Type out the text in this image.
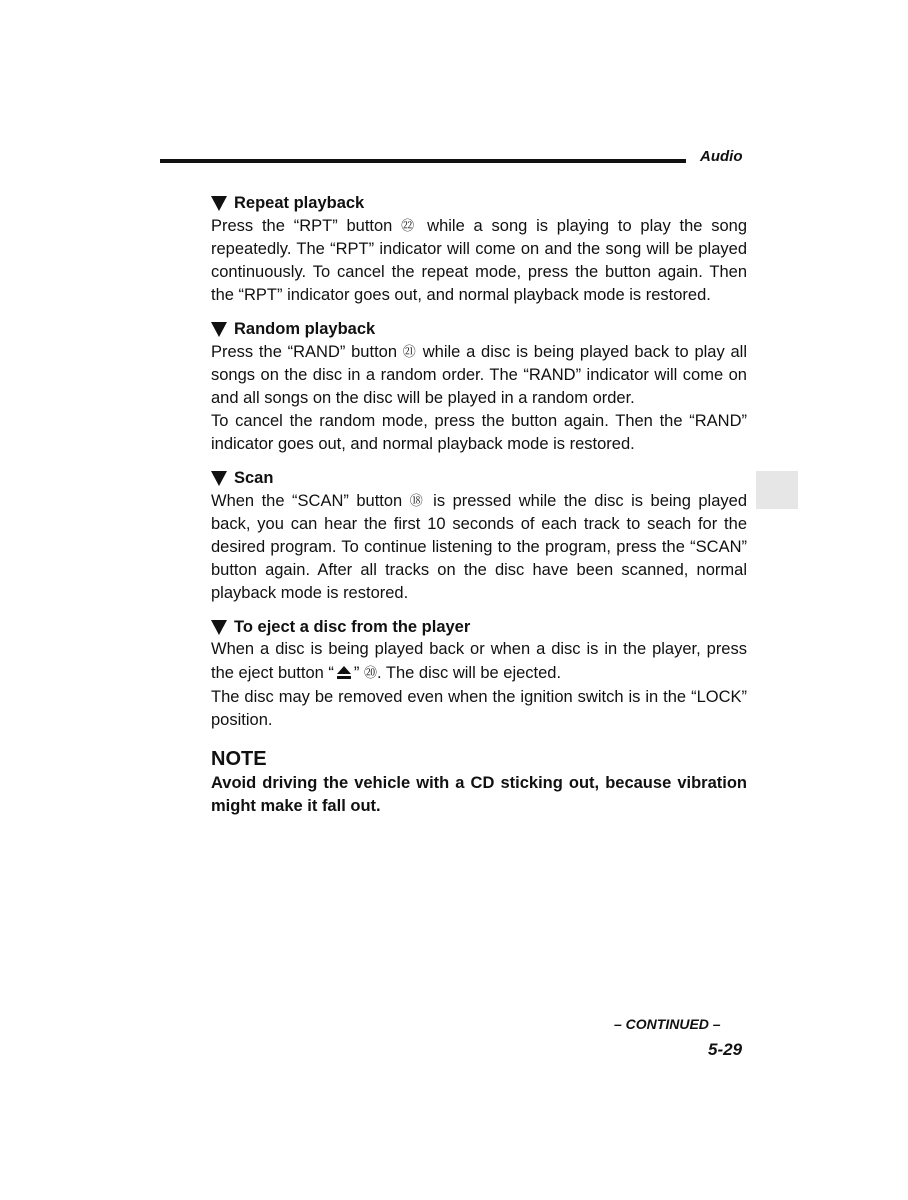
Audio
Repeat playback

Press the “RPT” button ㉒ while a song is playing to play the song repeatedly. The “RPT” indicator will come on and the song will be played continuously. To cancel the repeat mode, press the button again. Then the “RPT” indicator goes out, and normal playback mode is restored.

Random playback

Press the “RAND” button ㉑ while a disc is being played back to play all songs on the disc in a random order. The “RAND” indicator will come on and all songs on the disc will be played in a random order.

To cancel the random mode, press the button again. Then the “RAND” indicator goes out, and normal playback mode is restored.

Scan

When the “SCAN” button ⑱ is pressed while the disc is being played back, you can hear the first 10 seconds of each track to seach for the desired program. To continue listening to the program, press the “SCAN” button again. After all tracks on the disc have been scanned, normal playback mode is restored.

To eject a disc from the player

When a disc is being played back or when a disc is in the player, press the eject button “ ” ⑳. The disc will be ejected.

The disc may be removed even when the ignition switch is in the “LOCK” position.

NOTE

Avoid driving the vehicle with a CD sticking out, because vibration might make it fall out.

– CONTINUED –
5-29
